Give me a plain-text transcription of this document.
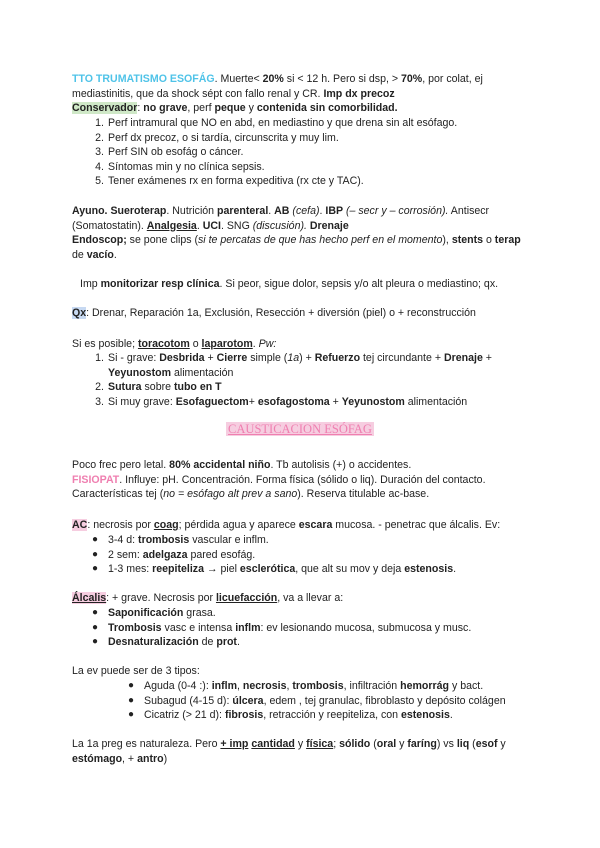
TTO TRUMATISMO ESOFÁG. Muerte< 20% si < 12 h. Pero si dsp, > 70%, por colat, ej mediastinitis, que da shock sépt con fallo renal y CR. Imp dx precoz

Conservador: no grave, perf peque y contenida sin comorbilidad.

1. Perf intramural que NO en abd, en mediastino y que drena sin alt esófago.
2. Perf dx precoz, o si tardía, circunscrita y muy lim.
3. Perf SIN ob esofág o cáncer.
4. Síntomas min y no clínica sepsis.
5. Tener exámenes rx en forma expeditiva (rx cte y TAC).

Ayuno. Sueroterap. Nutrición parenteral. AB (cefa). IBP (– secr y – corrosión). Antisecr (Somatostatin). Analgesia. UCI. SNG (discusión). Drenaje
Endoscop; se pone clips (si te percatas de que has hecho perf en el momento), stents o terap de vacío.

Imp monitorizar resp clínica. Si peor, sigue dolor, sepsis y/o alt pleura o mediastino; qx.

Qx: Drenar, Reparación 1a, Exclusión, Resección + diversión (piel) o + reconstrucción

Si es posible; toracotom o laparotom. Pw:

1. Si - grave: Desbrida + Cierre simple (1a) + Refuerzo tej circundante + Drenaje + Yeyunostom alimentación
2. Sutura sobre tubo en T
3. Si muy grave: Esofaguectom+ esofagostoma + Yeyunostom alimentación
CAUSTICACION ESÓFAG

Poco frec pero letal. 80% accidental niño. Tb autolisis (+) o accidentes.
FISIOPAT. Influye: pH. Concentración. Forma física (sólido o liq). Duración del contacto.
Características tej (no = esófago alt prev a sano). Reserva titulable ac-base.

AC: necrosis por coag; pérdida agua y aparece escara mucosa. - penetrac que álcalis. Ev:

● 3-4 d: trombosis vascular e inflm.
● 2 sem: adelgaza pared esofág.
● 1-3 mes: reepiteliza → piel esclerótica, que alt su mov y deja estenosis.

Álcalis: + grave. Necrosis por licuefacción, va a llevar a:

● Saponificación grasa.
● Trombosis vasc e intensa inflm: ev lesionando mucosa, submucosa y musc.
● Desnaturalización de prot.

La ev puede ser de 3 tipos:

● Aguda (0-4 :): inflm, necrosis, trombosis, infiltración hemorrág y bact.
● Subagud (4-15 d): úlcera, edem , tej granulac, fibroblasto y depósito colágen
● Cicatriz (> 21 d): fibrosis, retracción y reepiteliza, con estenosis.

La 1a preg es naturaleza. Pero + imp cantidad y física; sólido (oral y faríng) vs liq (esof y estómago, + antro)
